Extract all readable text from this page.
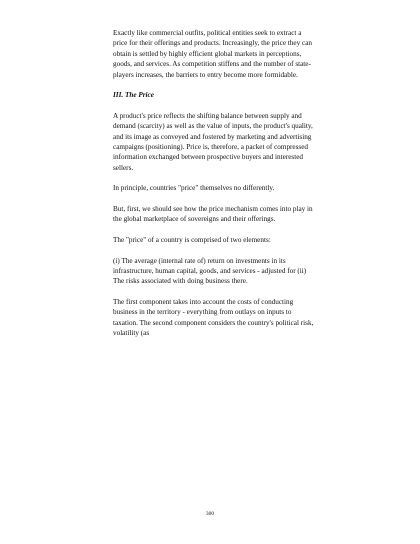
Exactly like commercial outfits, political entities seek to extract a price for their offerings and products. Increasingly, the price they can obtain is settled by highly efficient global markets in perceptions, goods, and services. As competition stiffens and the number of state-players increases, the barriers to entry become more formidable.

III. The Price

A product's price reflects the shifting balance between supply and demand (scarcity) as well as the value of inputs, the product's quality, and its image as conveyed and fostered by marketing and advertising campaigns (positioning). Price is, therefore, a packet of compressed information exchanged between prospective buyers and interested sellers.

In principle, countries "price" themselves no differently.

But, first, we should see how the price mechanism comes into play in the global marketplace of sovereigns and their offerings.

The "price" of a country is comprised of two elements:

(i) The average (internal rate of) return on investments in its infrastructure, human capital, goods, and services - adjusted for (ii) The risks associated with doing business there.

The first component takes into account the costs of conducting business in the territory - everything from outlays on inputs to taxation. The second component considers the country's political risk, volatility (as

300
